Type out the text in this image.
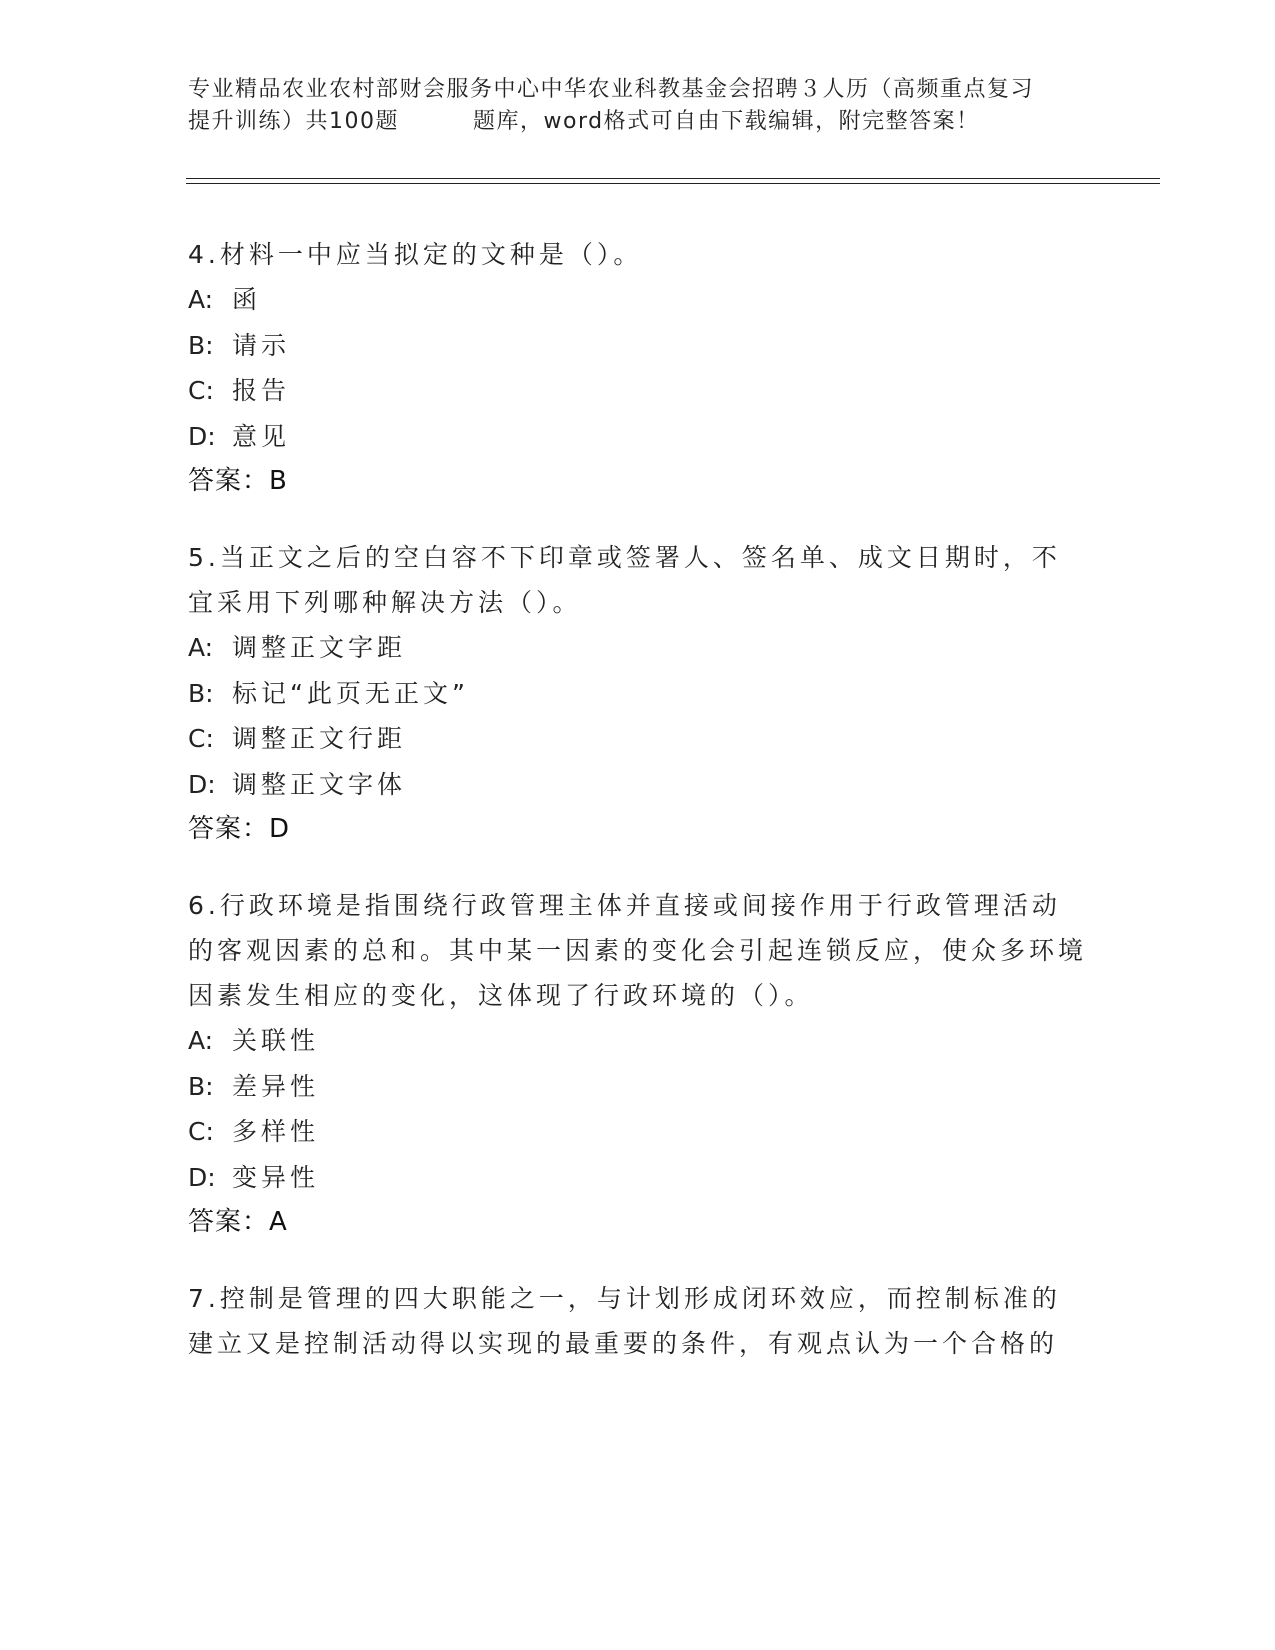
专业精品农业农村部财会服务中心中华农业科教基金会招聘３人历（高频重点复习
提升训练）共100题	题库，word格式可自由下载编辑，附完整答案！
4.材料一中应当拟定的文种是（）。
A: 函
B: 请示
C: 报告
D: 意见
答案：B
5.当正文之后的空白容不下印章或签署人、签名单、成文日期时，不宜采用下列哪种解决方法（）。
A: 调整正文字距
B: 标记“此页无正文”
C: 调整正文行距
D: 调整正文字体
答案：D
6.行政环境是指围绕行政管理主体并直接或间接作用于行政管理活动的客观因素的总和。其中某一因素的变化会引起连锁反应，使众多环境因素发生相应的变化，这体现了行政环境的（）。
A: 关联性
B: 差异性
C: 多样性
D: 变异性
答案：A
7.控制是管理的四大职能之一，与计划形成闭环效应，而控制标准的建立又是控制活动得以实现的最重要的条件，有观点认为一个合格的
